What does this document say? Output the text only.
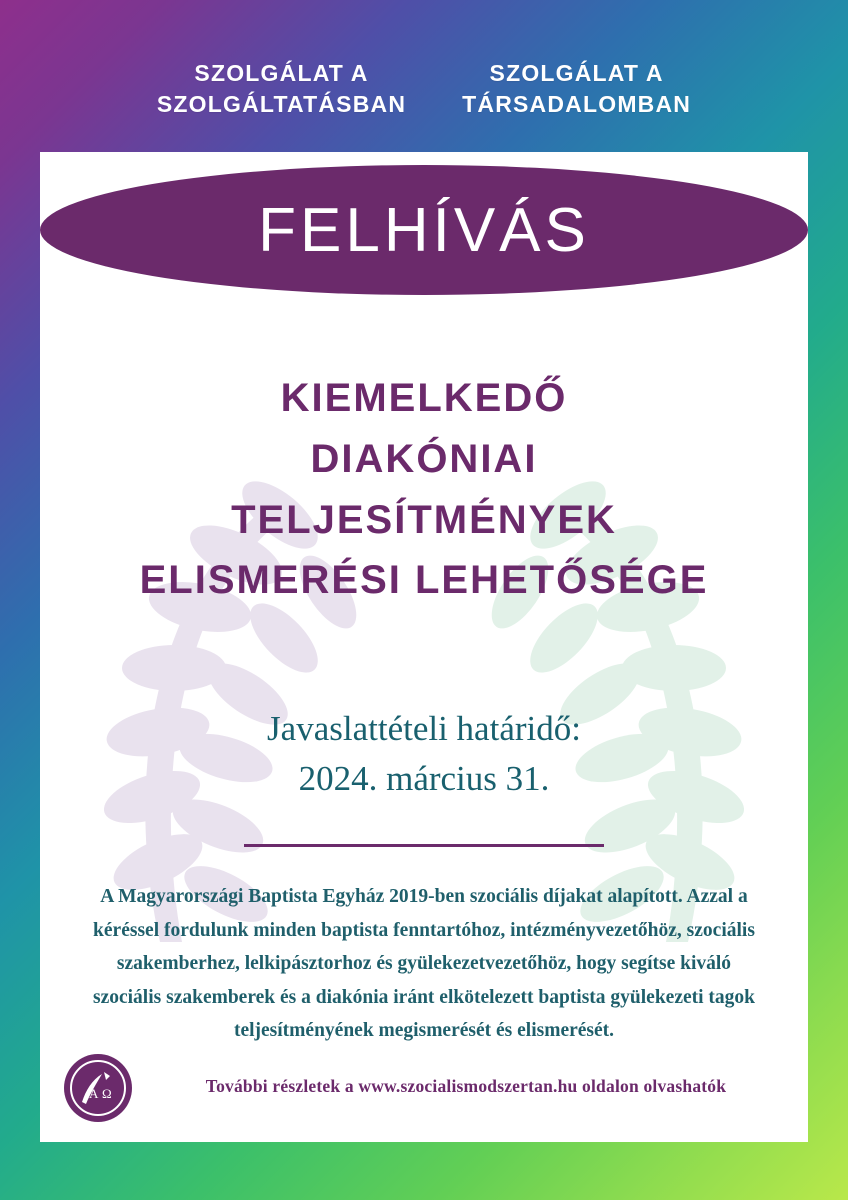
SZOLGÁLAT A
SZOLGÁLTATÁSBAN
SZOLGÁLAT A
TÁRSADALOMBAN
KIEMELKEDŐ
DIAKÓNIAI
TELJESÍTMÉNYEK
ELISMERÉSI LEHETŐSÉGE
Javaslattételi határidő:
2024. március 31.
A Magyarországi Baptista Egyház 2019-ben szociális díjakat alapított. Azzal a kéréssel fordulunk minden baptista fenntartóhoz, intézményvezetőhöz, szociális szakemberhez, lelkipásztorhoz és gyülekezetvezetőhöz, hogy segítse kiváló szociális szakemberek és a diakónia iránt elkötelezett baptista gyülekezeti tagok teljesítményének megismerését és elismerését.
A Ω	További részletek a www.szocialismodszertan.hu oldalon olvashatók
FELHÍVÁS
